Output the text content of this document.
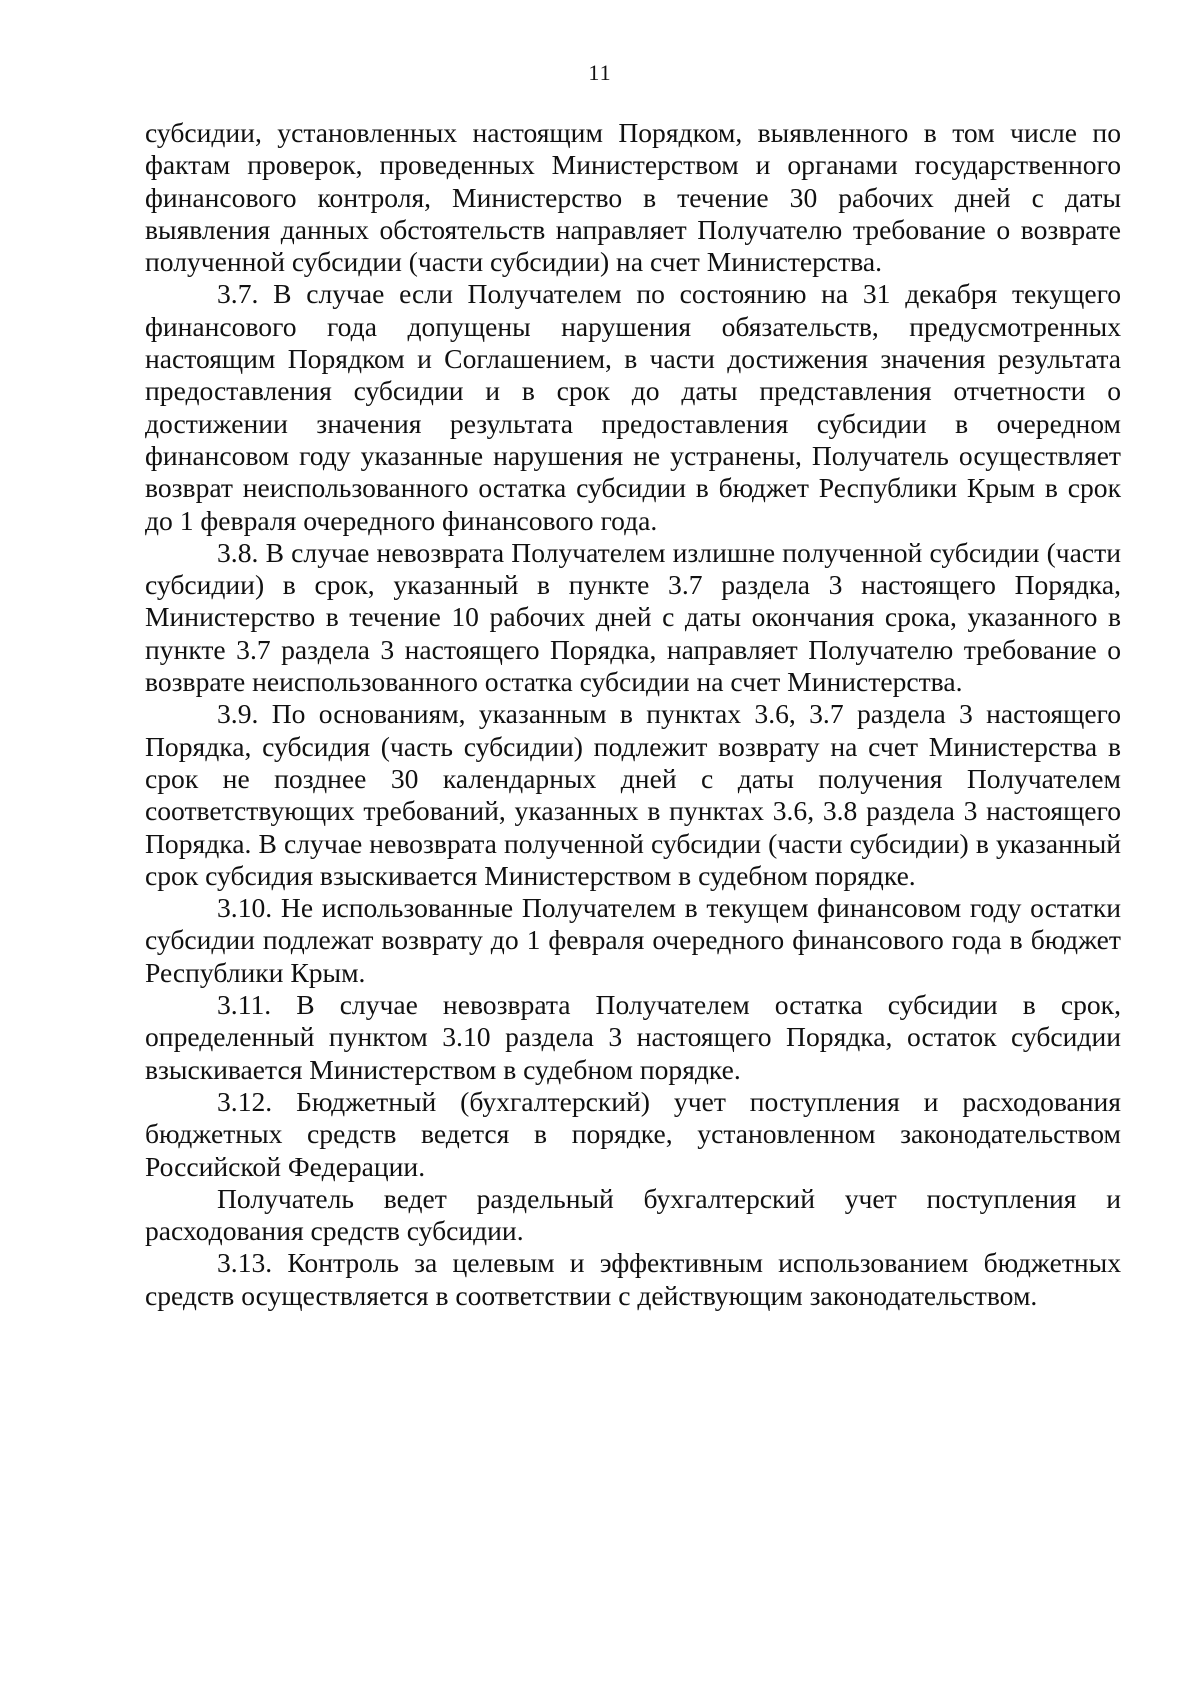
11

субсидии, установленных настоящим Порядком, выявленного в том числе по фактам проверок, проведенных Министерством и органами государственного финансового контроля, Министерство в течение 30 рабочих дней с даты выявления данных обстоятельств направляет Получателю требование о возврате полученной субсидии (части субсидии) на счет Министерства.

3.7. В случае если Получателем по состоянию на 31 декабря текущего финансового года допущены нарушения обязательств, предусмотренных настоящим Порядком и Соглашением, в части достижения значения результата предоставления субсидии и в срок до даты представления отчетности о достижении значения результата предоставления субсидии в очередном финансовом году указанные нарушения не устранены, Получатель осуществляет возврат неиспользованного остатка субсидии в бюджет Республики Крым в срок до 1 февраля очередного финансового года.

3.8. В случае невозврата Получателем излишне полученной субсидии (части субсидии) в срок, указанный в пункте 3.7 раздела 3 настоящего Порядка, Министерство в течение 10 рабочих дней с даты окончания срока, указанного в пункте 3.7 раздела 3 настоящего Порядка, направляет Получателю требование о возврате неиспользованного остатка субсидии на счет Министерства.

3.9. По основаниям, указанным в пунктах 3.6, 3.7 раздела 3 настоящего Порядка, субсидия (часть субсидии) подлежит возврату на счет Министерства в срок не позднее 30 календарных дней с даты получения Получателем соответствующих требований, указанных в пунктах 3.6, 3.8 раздела 3 настоящего Порядка. В случае невозврата полученной субсидии (части субсидии) в указанный срок субсидия взыскивается Министерством в судебном порядке.

3.10. Не использованные Получателем в текущем финансовом году остатки субсидии подлежат возврату до 1 февраля очередного финансового года в бюджет Республики Крым.

3.11. В случае невозврата Получателем остатка субсидии в срок, определенный пунктом 3.10 раздела 3 настоящего Порядка, остаток субсидии взыскивается Министерством в судебном порядке.

3.12. Бюджетный (бухгалтерский) учет поступления и расходования бюджетных средств ведется в порядке, установленном законодательством Российской Федерации.

Получатель ведет раздельный бухгалтерский учет поступления и расходования средств субсидии.

3.13. Контроль за целевым и эффективным использованием бюджетных средств осуществляется в соответствии с действующим законодательством.
